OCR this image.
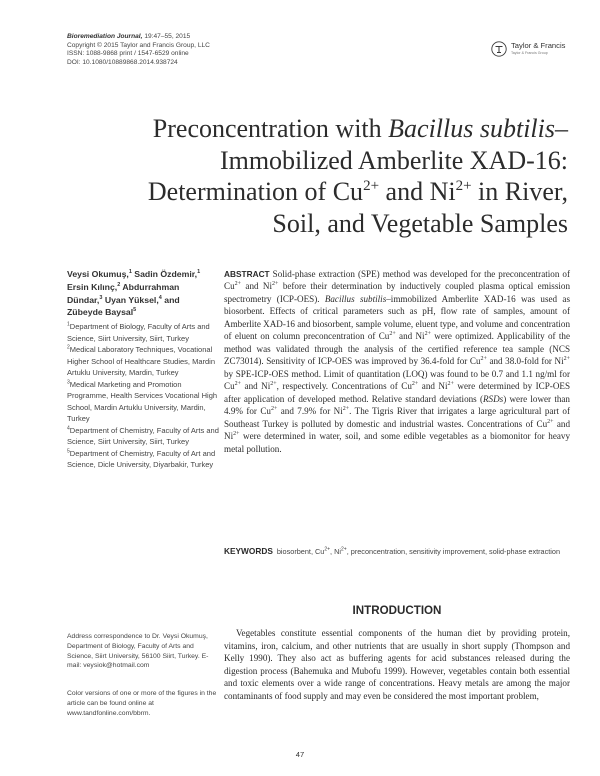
Bioremediation Journal, 19:47–55, 2015
Copyright © 2015 Taylor and Francis Group, LLC
ISSN: 1088-9868 print / 1547-6529 online
DOI: 10.1080/10889868.2014.938724
Taylor & Francis
Taylor & Francis Group
Preconcentration with Bacillus subtilis–
Immobilized Amberlite XAD-16:
Determination of $Cu^{2+}$ and $Ni^{2+}$ in River,
Soil, and Vegetable Samples
Veysi Okumuş,$^1$ Sadin Özdemir,$^1$ Ersin Kılınç,$^2$ Abdurrahman Dündar,$^3$ Uyan Yüksel,$^4$ and Zübeyde Baysal$^5$
$^1$Department of Biology, Faculty of Arts and Science, Siirt University, Siirt, Turkey
$^2$Medical Laboratory Techniques, Vocational Higher School of Healthcare Studies, Mardin Artuklu University, Mardin, Turkey
$^3$Medical Marketing and Promotion Programme, Health Services Vocational High School, Mardin Artuklu University, Mardin, Turkey
$^4$Department of Chemistry, Faculty of Arts and Science, Siirt University, Siirt, Turkey
$^5$Department of Chemistry, Faculty of Art and Science, Dicle University, Diyarbakir, Turkey
Address correspondence to Dr. Veysi Okumuş, Department of Biology, Faculty of Arts and Science, Siirt University, 56100 Siirt, Turkey. E-mail: veysiok@hotmail.com
Color versions of one or more of the figures in the article can be found online at www.tandfonline.com/bbrm.
ABSTRACT Solid-phase extraction (SPE) method was developed for the preconcentration of $Cu^{2+}$ and $Ni^{2+}$ before their determination by inductively coupled plasma optical emission spectrometry (ICP-OES). Bacillus subtilis–immobilized Amberlite XAD-16 was used as biosorbent. Effects of critical parameters such as pH, flow rate of samples, amount of Amberlite XAD-16 and biosorbent, sample volume, eluent type, and volume and concentration of eluent on column preconcentration of $Cu^{2+}$ and $Ni^{2+}$ were optimized. Applicability of the method was validated through the analysis of the certified reference tea sample (NCS ZC73014). Sensitivity of ICP-OES was improved by 36.4-fold for $Cu^{2+}$ and 38.0-fold for $Ni^{2+}$ by SPE-ICP-OES method. Limit of quantitation (LOQ) was found to be 0.7 and 1.1 ng/ml for $Cu^{2+}$ and $Ni^{2+}$, respectively. Concentrations of $Cu^{2+}$ and $Ni^{2+}$ were determined by ICP-OES after application of developed method. Relative standard deviations (RSDs) were lower than 4.9% for $Cu^{2+}$ and 7.9% for $Ni^{2+}$. The Tigris River that irrigates a large agricultural part of Southeast Turkey is polluted by domestic and industrial wastes. Concentrations of $Cu^{2+}$ and $Ni^{2+}$ were determined in water, soil, and some edible vegetables as a biomonitor for heavy metal pollution.
KEYWORDS biosorbent, $Cu^{2+}$, $Ni^{2+}$, preconcentration, sensitivity improvement, solid-phase extraction
INTRODUCTION
Vegetables constitute essential components of the human diet by providing protein, vitamins, iron, calcium, and other nutrients that are usually in short supply (Thompson and Kelly 1990). They also act as buffering agents for acid substances released during the digestion process (Bahemuka and Mubofu 1999). However, vegetables contain both essential and toxic elements over a wide range of concentrations. Heavy metals are among the major contaminants of food supply and may even be considered the most important problem,
47
